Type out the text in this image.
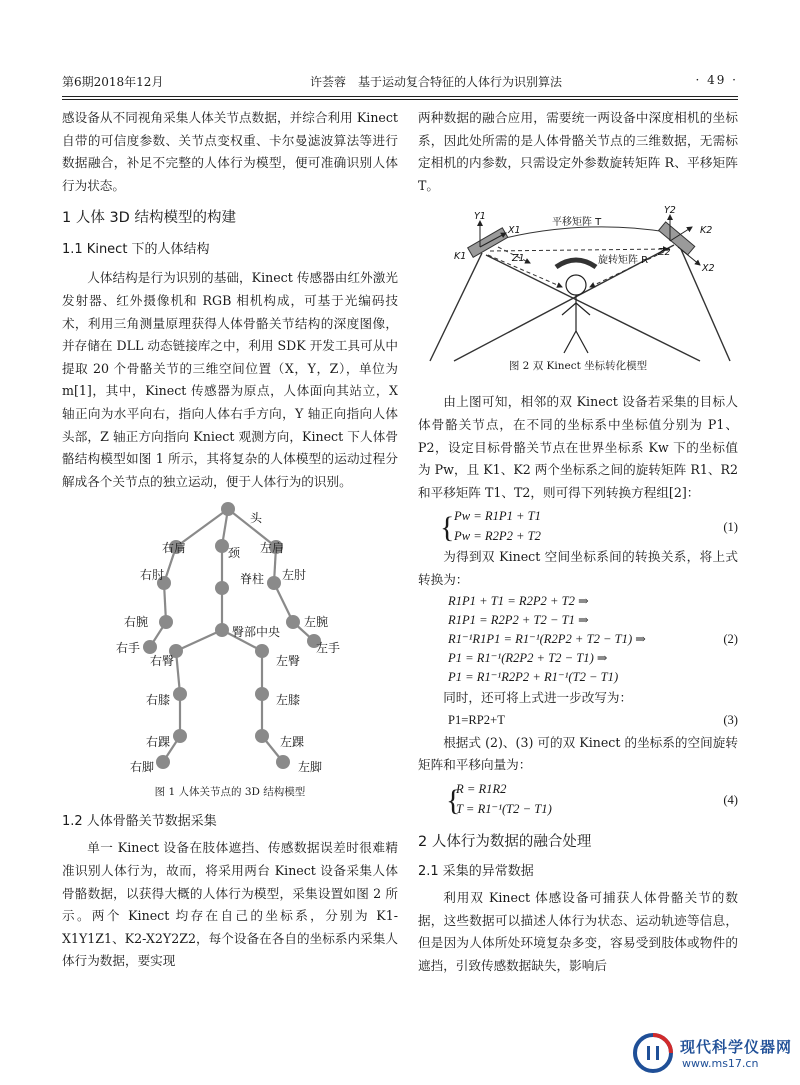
第6期2018年12月	许荟蓉　基于运动复合特征的人体行为识别算法	· 49 ·

感设备从不同视角采集人体关节点数据，并综合利用 Kinect 自带的可信度参数、关节点变权重、卡尔曼滤波算法等进行数据融合，补足不完整的人体行为模型，便可准确识别人体行为状态。

1 人体 3D 结构模型的构建
1.1 Kinect 下的人体结构

人体结构是行为识别的基础，Kinect 传感器由红外激光发射器、红外摄像机和 RGB 相机构成，可基于光编码技术，利用三角测量原理获得人体骨骼关节结构的深度图像，并存储在 DLL 动态链接库之中，利用 SDK 开发工具可从中提取 20 个骨骼关节的三维空间位置（X，Y，Z），单位为 m[1]，其中，Kinect 传感器为原点，人体面向其站立，X 轴正向为水平向右，指向人体右手方向，Y 轴正向指向人体头部，Z 轴正方向指向 Kniect 观测方向，Kinect 下人体骨骼结构模型如图 1 所示，其将复杂的人体模型的运动过程分解成各个关节点的独立运动，便于人体行为的识别。

头
颈
右肩	左肩
右肘	脊柱 左肘
右腕	左腕
右手
臀部中央
左手
右臀	左臀
右膝	左膝
右踝	左踝
右脚	左脚
图 1 人体关节点的 3D 结构模型
1.2 人体骨骼关节数据采集

单一 Kinect 设备在肢体遮挡、传感数据误差时很难精准识别人体行为，故而，将采用两台 Kinect 设备采集人体骨骼数据，以获得大概的人体行为模型，采集设置如图 2 所示。两个 Kinect 均存在自己的坐标系，分别为 K1-X1Y1Z1、K2-X2Y2Z2，每个设备在各自的坐标系内采集人体行为数据，要实现

两种数据的融合应用，需要统一两设备中深度相机的坐标系，因此处所需的是人体骨骼关节点的三维数据，无需标定相机的内参数，只需设定外参数旋转矩阵 R、平移矩阵 T。

Y1
X1
K1	Z1
Y2
K2
Z2
X2
平移矩阵 T
旋转矩阵 R
图 2 双 Kinect 坐标转化模型

由上图可知，相邻的双 Kinect 设备若采集的目标人体骨骼关节点，在不同的坐标系中坐标值分别为 P1、P2，设定目标骨骼关节点在世界坐标系 Kw 下的坐标值为 Pw，且 K1、K2 两个坐标系之间的旋转矩阵 R1、R2 和平移矩阵 T1、T2，则可得下列转换方程组[2]：

{ Pw = R1P1 + T1
Pw = R2P2 + T2
(1)

为得到双 Kinect 空间坐标系间的转换关系，将上式转换为：

R1P1 + T1 = R2P2 + T2 ⇒
R1P1 = R2P2 + T2 − T1 ⇒
R1⁻¹R1P1 = R1⁻¹(R2P2 + T2 − T1) ⇒
P1 = R1⁻¹(R2P2 + T2 − T1) ⇒
P1 = R1⁻¹R2P2 + R1⁻¹(T2 − T1)
(2)

同时，还可将上式进一步改写为：

P1=RP2+T	(3)

根据式 (2)、(3) 可的双 Kinect 的坐标系的空间旋转矩阵和平移向量为：

{
R = R1R2
T = R1⁻¹(T2 − T1)
(4)
2 人体行为数据的融合处理
2.1 采集的异常数据

利用双 Kinect 体感设备可捕获人体骨骼关节的数据，这些数据可以描述人体行为状态、运动轨迹等信息，但是因为人体所处环境复杂多变，容易受到肢体或物件的遮挡，引致传感数据缺失，影响后

现代科学仪器网
www.ms17.cn
